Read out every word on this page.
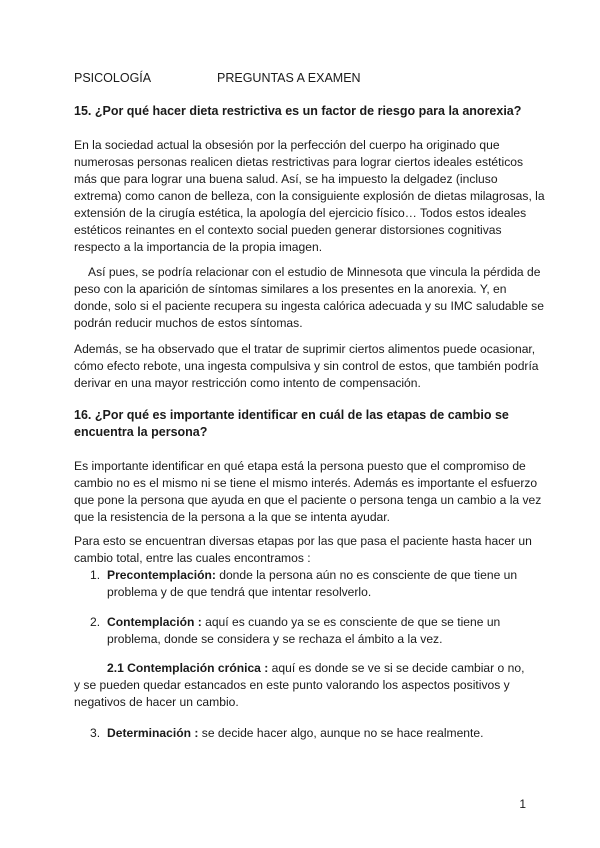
PSICOLOGÍA	PREGUNTAS A EXAMEN
15. ¿Por qué hacer dieta restrictiva es un factor de riesgo para la anorexia?
En la sociedad actual la obsesión por la perfección del cuerpo ha originado que numerosas personas realicen dietas restrictivas para lograr ciertos ideales estéticos más que para lograr una buena salud. Así, se ha impuesto la delgadez (incluso extrema) como canon de belleza, con la consiguiente explosión de dietas milagrosas, la extensión de la cirugía estética, la apología del ejercicio físico… Todos estos ideales estéticos reinantes en el contexto social pueden generar distorsiones cognitivas respecto a la importancia de la propia imagen.
Así pues, se podría relacionar con el estudio de Minnesota que vincula la pérdida de peso con la aparición de síntomas similares a los presentes en la anorexia. Y, en donde, solo si el paciente recupera su ingesta calórica adecuada y su IMC saludable se podrán reducir muchos de estos síntomas.
Además, se ha observado que el tratar de suprimir ciertos alimentos puede ocasionar, cómo efecto rebote, una ingesta compulsiva y sin control de estos, que también podría derivar en una mayor restricción como intento de compensación.
16. ¿Por qué es importante identificar en cuál de las etapas de cambio se encuentra la persona?
Es importante identificar en qué etapa está la persona puesto que el compromiso de cambio no es el mismo ni se tiene el mismo interés. Además es importante el esfuerzo que pone la persona que ayuda en que el paciente o persona tenga un cambio a la vez que la resistencia de la persona a la que se intenta ayudar.
Para esto se encuentran diversas etapas por las que pasa el paciente hasta hacer un cambio total, entre las cuales encontramos :
1. Precontemplación: donde la persona aún no es consciente de que tiene un
problema y de que tendrá que intentar resolverlo.
2. Contemplación : aquí es cuando ya se es consciente de que se tiene un
problema, donde se considera y se rechaza el ámbito a la vez.
2.1 Contemplación crónica : aquí es donde se ve si se decide cambiar o no,
y se pueden quedar estancados en este punto valorando los aspectos positivos y negativos de hacer un cambio.
3. Determinación : se decide hacer algo, aunque no se hace realmente.
1
